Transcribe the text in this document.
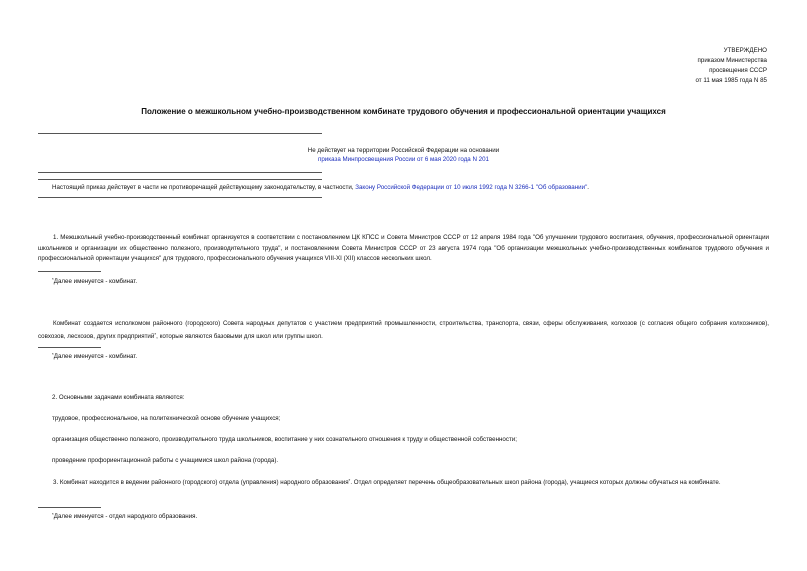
УТВЕРЖДЕНО
приказом Министерства
просвещения СССР
от 11 мая 1985 года N 85
Положение о межшкольном учебно-производственном комбинате трудового обучения и профессиональной ориентации учащихся
Не действует на территории Российской Федерации на основании
приказа Минпросвещения России от 6 мая 2020 года N 201
Настоящий приказ действует в части не противоречащей действующему законодательству, в частности, Закону Российской Федерации от 10 июля 1992 года N 3266-1 "Об образовании".
1. Межшкольный учебно-производственный комбинат организуется в соответствии с постановлением ЦК КПСС и Совета Министров СССР от 12 апреля 1984 года "Об улучшении трудового воспитания, обучения, профессиональной ориентации школьников и организации их общественно полезного, производительного труда", и постановлением Совета Министров СССР от 23 августа 1974 года "Об организации межшкольных учебно-производственных комбинатов трудового обучения и профессиональной ориентации учащихся" для трудового, профессионального обучения учащихся VIII-XI (XII) классов нескольких школ.
*Далее именуется - комбинат.
Комбинат создается исполкомом районного (городского) Совета народных депутатов с участием предприятий промышленности, строительства, транспорта, связи, сферы обслуживания, колхозов (с согласия общего собрания колхозников), совхозов, лесхозов, других предприятий*, которые являются базовыми для школ или группы школ.
*Далее именуется - комбинат.
2. Основными задачами комбината являются:
трудовое, профессиональное, на политехнической основе обучение учащихся;
организация общественно полезного, производительного труда школьников, воспитание у них сознательного отношения к труду и общественной собственности;
проведение профориентационной работы с учащимися школ района (города).
3. Комбинат находится в ведении районного (городского) отдела (управления) народного образования*. Отдел определяет перечень общеобразовательных школ района (города), учащиеся которых должны обучаться на комбинате.
*Далее именуется - отдел народного образования.
